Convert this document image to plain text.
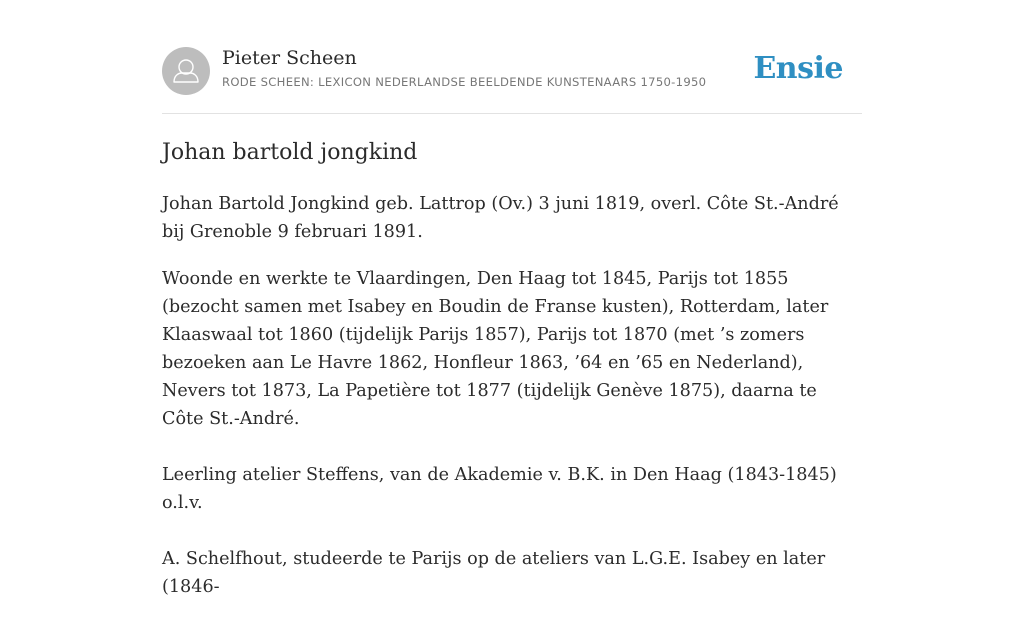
Pieter Scheen
RODE SCHEEN: LEXICON NEDERLANDSE BEELDENDE KUNSTENAARS 1750-1950 Ensie
Johan bartold jongkind

Johan Bartold Jongkind geb. Lattrop (Ov.) 3 juni 1819, overl. Côte St.-André bij Grenoble 9 februari 1891.

Woonde en werkte te Vlaardingen, Den Haag tot 1845, Parijs tot 1855 (bezocht samen met Isabey en Boudin de Franse kusten), Rotterdam, later Klaaswaal tot 1860 (tijdelijk Parijs 1857), Parijs tot 1870 (met ’s zomers bezoeken aan Le Havre 1862, Honfleur 1863, ’64 en ’65 en Nederland), Nevers tot 1873, La Papetière tot 1877 (tijdelijk Genève 1875), daarna te Côte St.-André.

Leerling atelier Steffens, van de Akademie v. B.K. in Den Haag (1843-1845) o.l.v.

A. Schelfhout, studeerde te Parijs op de ateliers van L.G.E. Isabey en later (1846-
